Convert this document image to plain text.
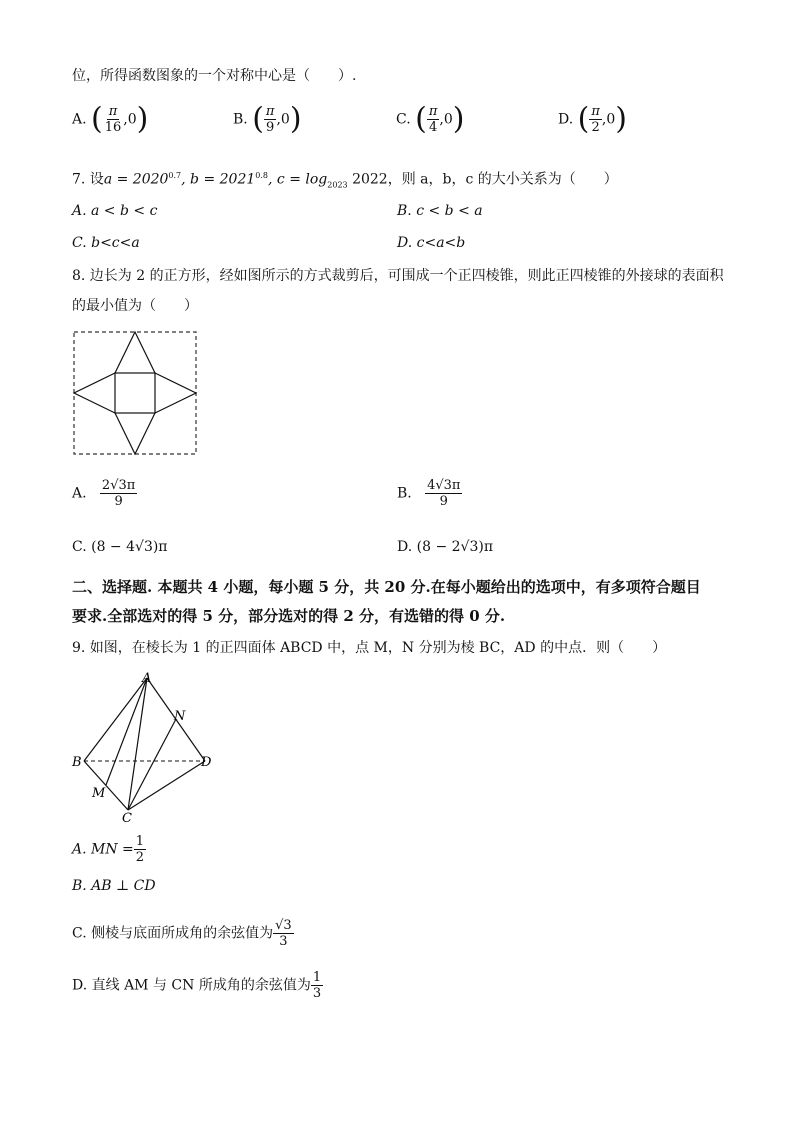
位，所得函数图象的一个对称中心是（　　）.
A. ( $\frac{\pi}{16} ,0$)	B. ( $\frac{\pi}{9} ,0$)	C. ( $\frac{\pi}{4} ,0$)	D. ( $\frac{\pi}{2} ,0$)
7. 设$a = 2020^{0.7}$, $b = 2021^{0.8}$, $c = \log_{2023} 2022$，则 a，b，c 的大小关系为（　　）
A. a < b < c	B. c < b < a
C. b<c<a	D. c<a<b
8. 边长为 2 的正方形，经如图所示的方式裁剪后，可围成一个正四棱锥，则此正四棱锥的外接球的表面积
的最小值为（　　）
A. $\frac{2√3\pi}{9}$	B. $\frac{4√3\pi}{9}$
C. (8 − 4√3)π	D. (8 − 2√3)π
二、选择题. 本题共 4 小题，每小题 5 分，共 20 分.在每小题给出的选项中，有多项符合题目
要求.全部选对的得 5 分，部分选对的得 2 分，有选错的得 0 分.
9. 如图，在棱长为 1 的正四面体 ABCD 中，点 M，N 分别为棱 BC，AD 的中点．则（　　）
A
B
C
D
M
N
A. MN = $\frac{1}{2}$
B. AB ⊥ CD
C. 侧棱与底面所成角的余弦值为 $\frac{√3}{3}$
D. 直线 AM 与 CN 所成角的余弦值为 $\frac{1}{3}$
